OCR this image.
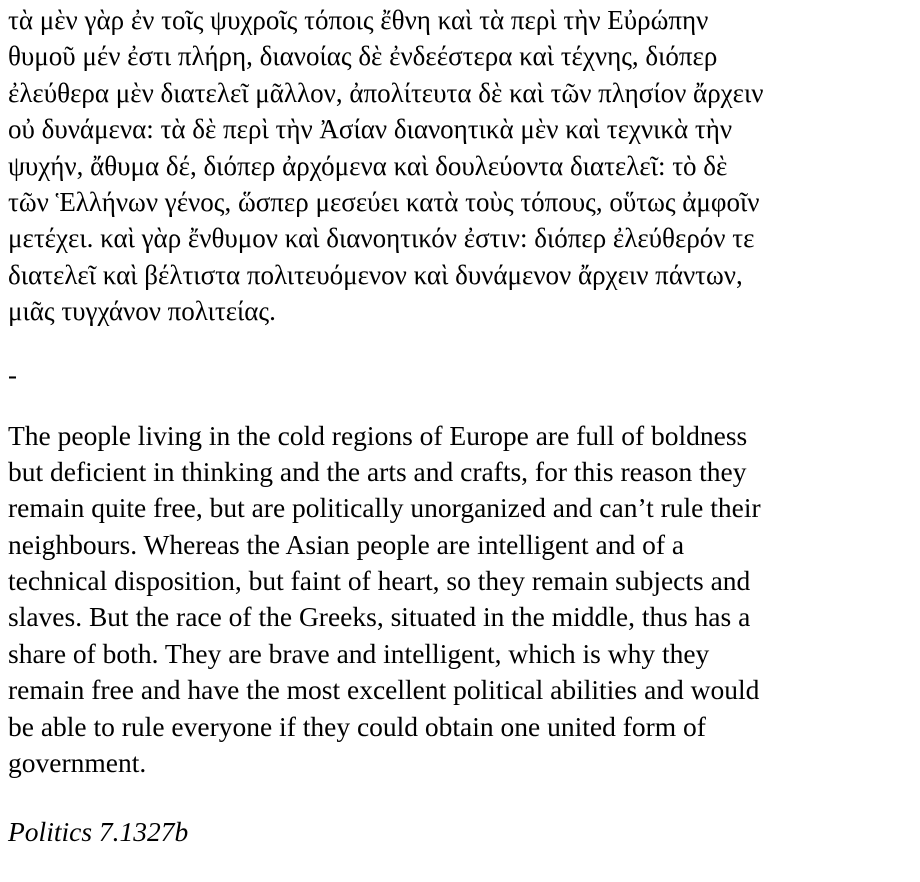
τὰ μὲν γὰρ ἐν τοῖς ψυχροῖς τόποις ἔθνη καὶ τὰ περὶ τὴν Εὐρώπην
θυμοῦ μέν ἐστι πλήρη, διανοίας δὲ ἐνδεέστερα καὶ τέχνης, διόπερ
ἐλεύθερα μὲν διατελεῖ μᾶλλον, ἀπολίτευτα δὲ καὶ τῶν πλησίον ἄρχειν
οὐ δυνάμενα: τὰ δὲ περὶ τὴν Ἀσίαν διανοητικὰ μὲν καὶ τεχνικὰ τὴν
ψυχήν, ἄθυμα δέ, διόπερ ἀρχόμενα καὶ δουλεύοντα διατελεῖ: τὸ δὲ
τῶν Ἑλλήνων γένος, ὥσπερ μεσεύει κατὰ τοὺς τόπους, οὕτως ἀμφοῖν
μετέχει. καὶ γὰρ ἔνθυμον καὶ διανοητικόν ἐστιν: διόπερ ἐλεύθερόν τε
διατελεῖ καὶ βέλτιστα πολιτευόμενον καὶ δυνάμενον ἄρχειν πάντων,
μιᾶς τυγχάνον πολιτείας.
-
The people living in the cold regions of Europe are full of boldness
but deficient in thinking and the arts and crafts, for this reason they
remain quite free, but are politically unorganized and can’t rule their
neighbours. Whereas the Asian people are intelligent and of a
technical disposition, but faint of heart, so they remain subjects and
slaves. But the race of the Greeks, situated in the middle, thus has a
share of both. They are brave and intelligent, which is why they
remain free and have the most excellent political abilities and would
be able to rule everyone if they could obtain one united form of
government.
Politics 7.1327b
